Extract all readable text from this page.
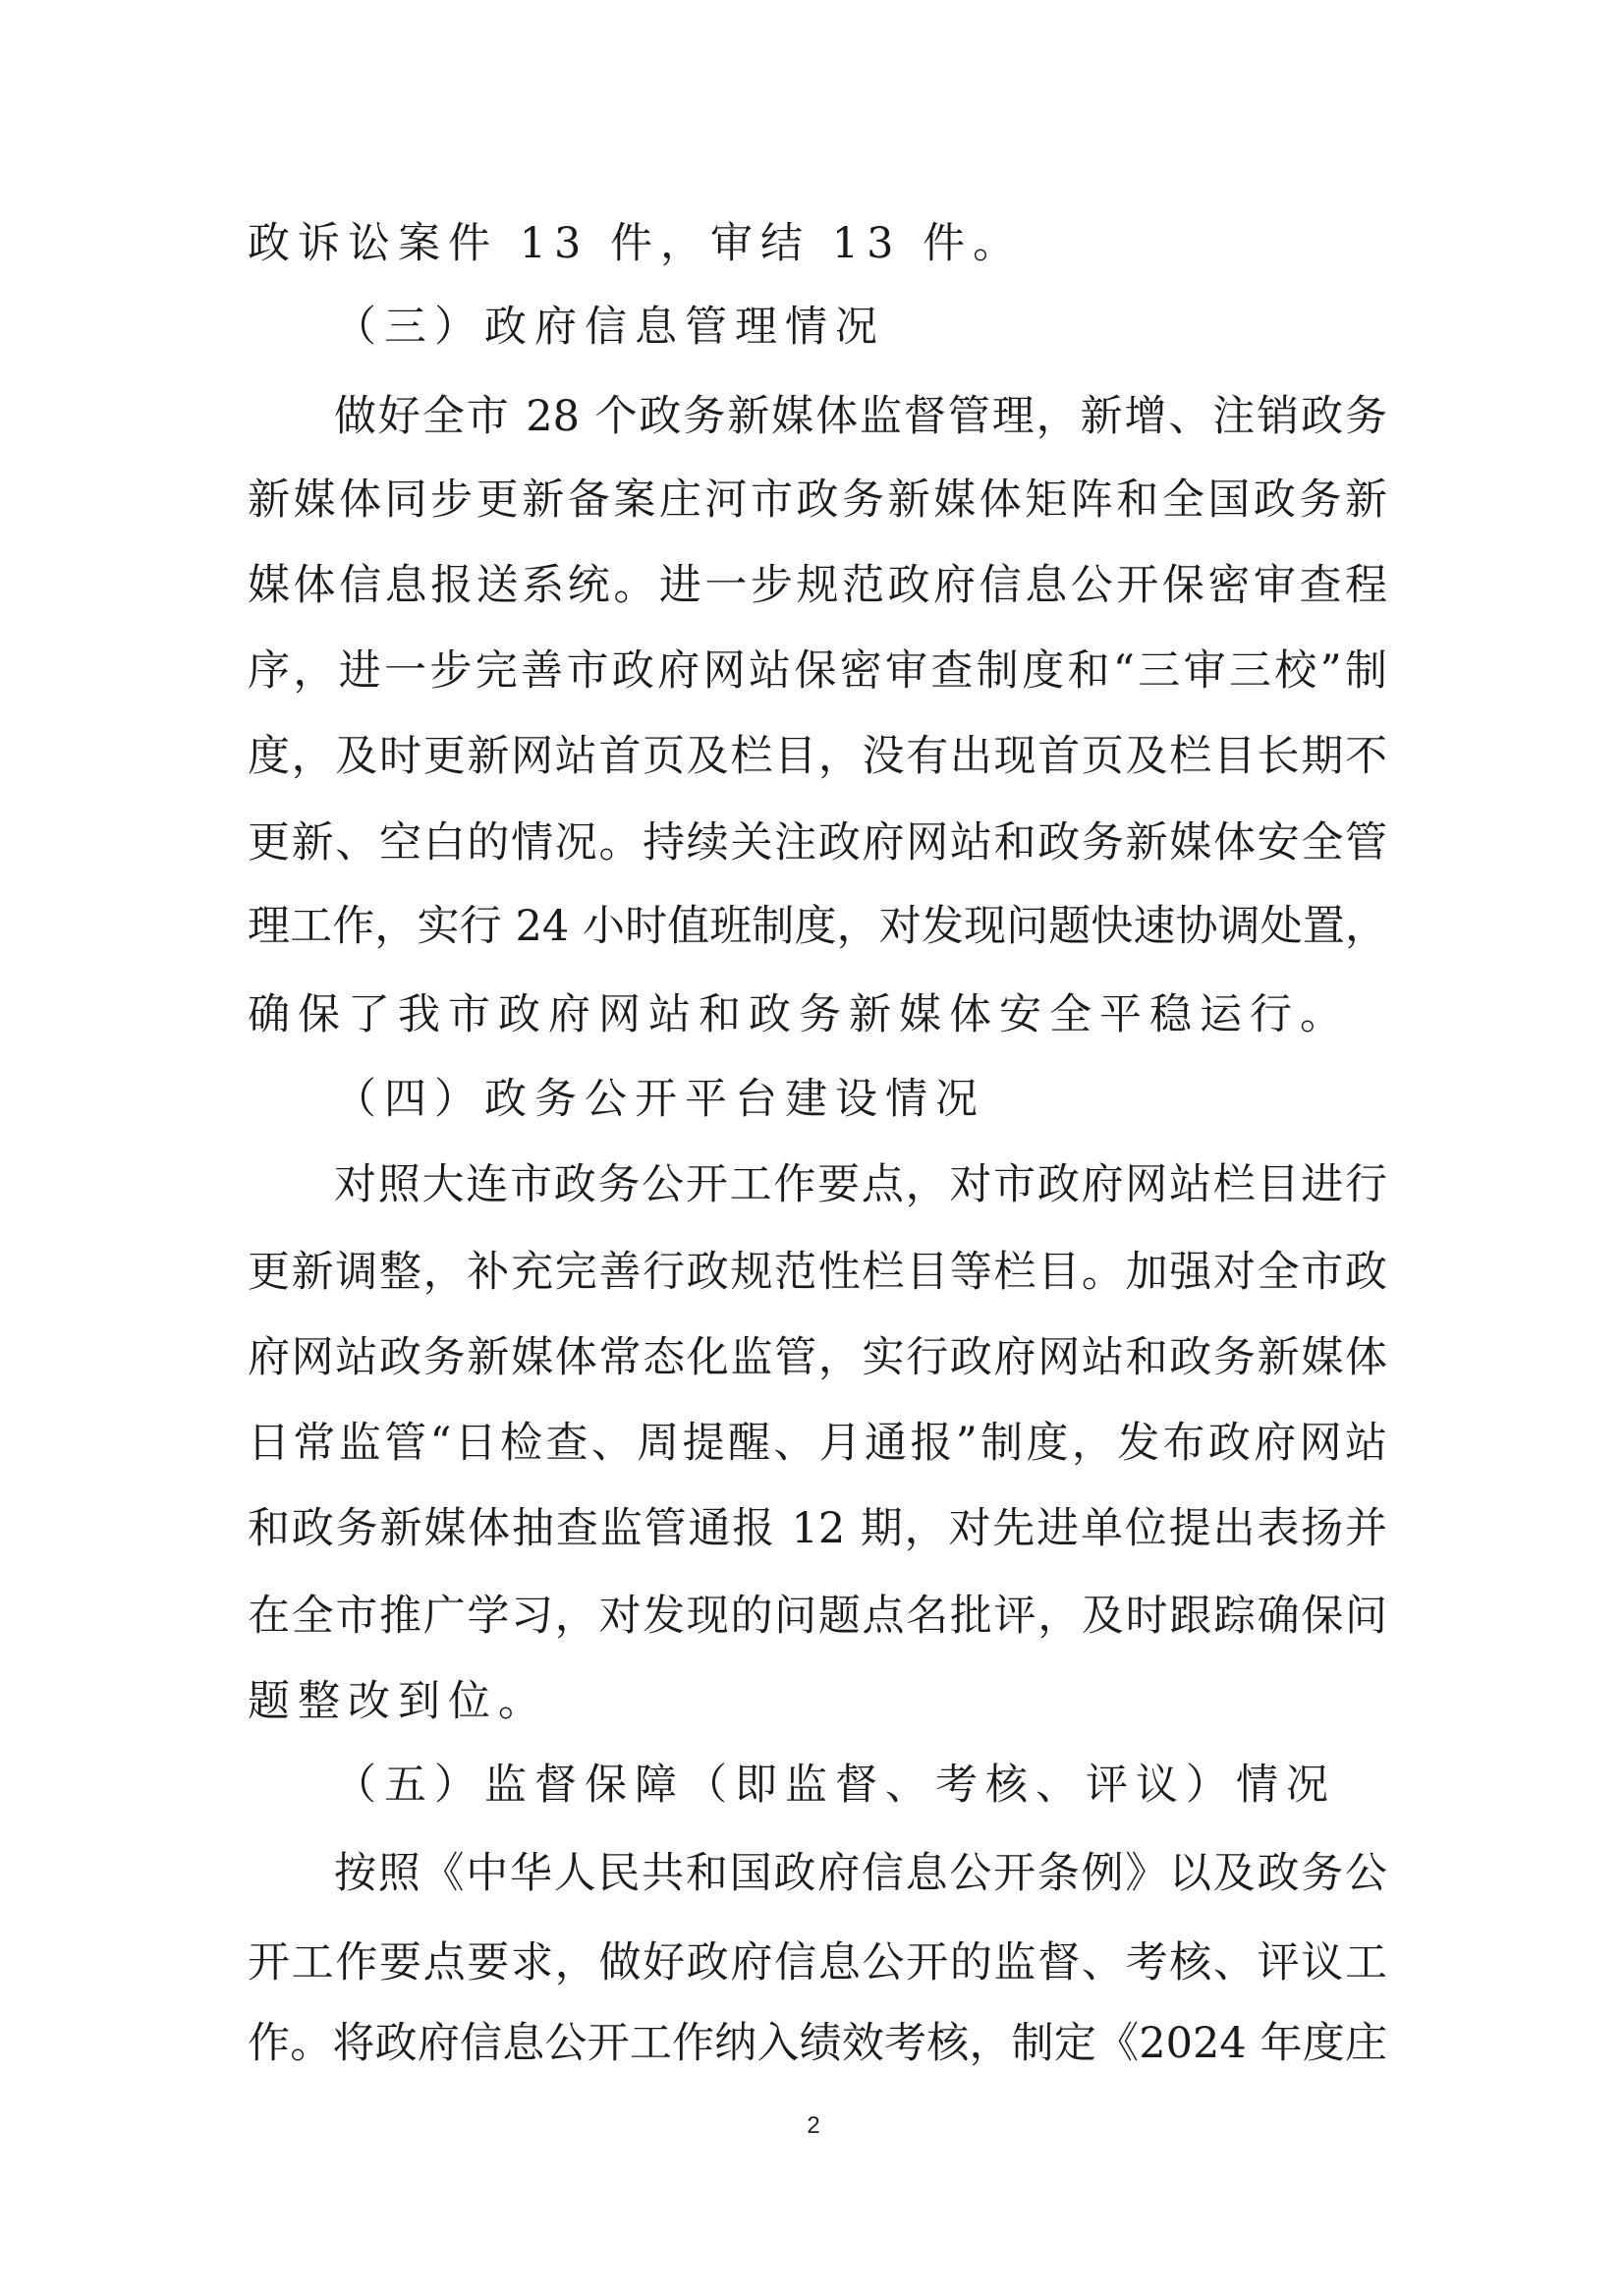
政诉讼案件 13 件，审结 13 件。
（三）政府信息管理情况
做好全市 28 个政务新媒体监督管理，新增、注销政务
新媒体同步更新备案庄河市政务新媒体矩阵和全国政务新
媒体信息报送系统。进一步规范政府信息公开保密审查程
序，进一步完善市政府网站保密审查制度和“三审三校”制
度，及时更新网站首页及栏目，没有出现首页及栏目长期不
更新、空白的情况。持续关注政府网站和政务新媒体安全管
理工作，实行 24 小时值班制度，对发现问题快速协调处置，
确保了我市政府网站和政务新媒体安全平稳运行。
（四）政务公开平台建设情况
对照大连市政务公开工作要点，对市政府网站栏目进行
更新调整，补充完善行政规范性栏目等栏目。加强对全市政
府网站政务新媒体常态化监管，实行政府网站和政务新媒体
日常监管“日检查、周提醒、月通报”制度，发布政府网站
和政务新媒体抽查监管通报 12 期，对先进单位提出表扬并
在全市推广学习，对发现的问题点名批评，及时跟踪确保问
题整改到位。
（五）监督保障（即监督、考核、评议）情况
按照《中华人民共和国政府信息公开条例》以及政务公
开工作要点要求，做好政府信息公开的监督、考核、评议工
作。将政府信息公开工作纳入绩效考核，制定《2024 年度庄
2
